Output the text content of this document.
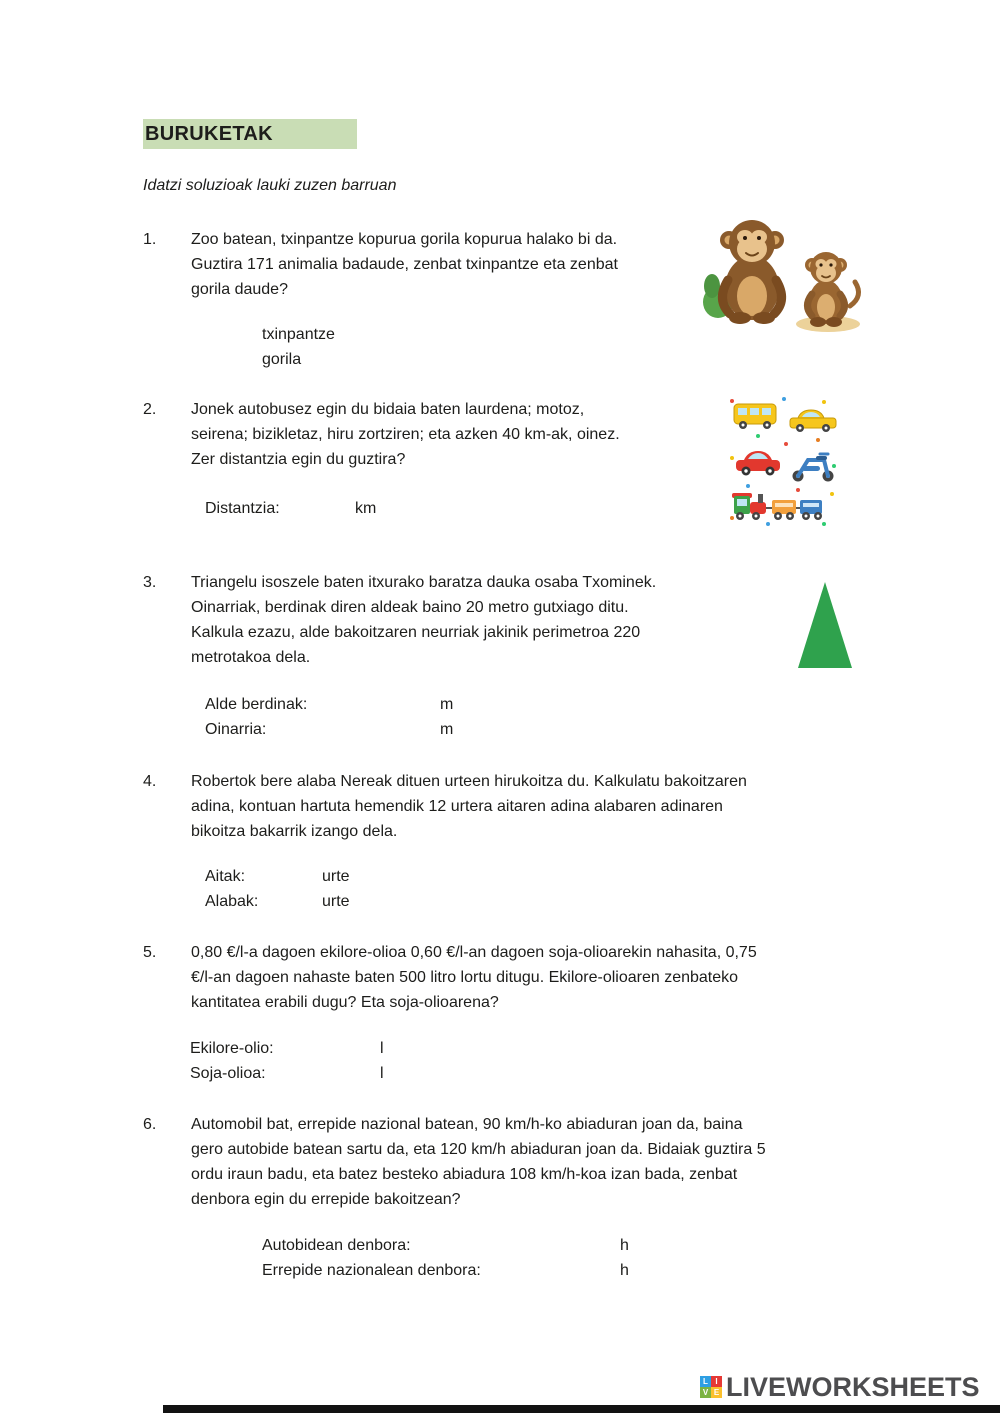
BURUKETAK
Idatzi soluzioak lauki zuzen barruan
1.	Zoo batean, txinpantze kopurua gorila kopurua halako bi da.
Guztira 171 animalia badaude, zenbat txinpantze eta zenbat
gorila daude?
txinpantze
gorila
2.	Jonek autobusez egin du bidaia baten laurdena; motoz,
seirena; bizikletaz, hiru zortziren; eta azken 40 km-ak, oinez.
Zer distantzia egin du guztira?
Distantzia:	km
3.	Triangelu isoszele baten itxurako baratza dauka osaba Txominek.
Oinarriak, berdinak diren aldeak baino 20 metro gutxiago ditu.
Kalkula ezazu, alde bakoitzaren neurriak jakinik perimetroa 220
metrotakoa dela.
Alde berdinak:	m
Oinarria:	m
4.	Robertok bere alaba Nereak dituen urteen hirukoitza du. Kalkulatu bakoitzaren
adina, kontuan hartuta hemendik 12 urtera aitaren adina alabaren adinaren
bikoitza bakarrik izango dela.
Aitak:	urte
Alabak:	urte
5.	0,80 €/l-a dagoen ekilore-olioa 0,60 €/l-an dagoen soja-olioarekin nahasita, 0,75
€/l-an dagoen nahaste baten 500 litro lortu ditugu. Ekilore-olioaren zenbateko
kantitatea erabili dugu? Eta soja-olioarena?
Ekilore-olio:	l
Soja-olioa:	l
6.	Automobil bat, errepide nazional batean, 90 km/h-ko abiaduran joan da, baina
gero autobide batean sartu da, eta 120 km/h abiaduran joan da. Bidaiak guztira 5
ordu iraun badu, eta batez besteko abiadura 108 km/h-koa izan bada, zenbat
denbora egin du errepide bakoitzean?
Autobidean denbora:	h
Errepide nazionalean denbora:	h
L I
V E LIVEWORKSHEETS
